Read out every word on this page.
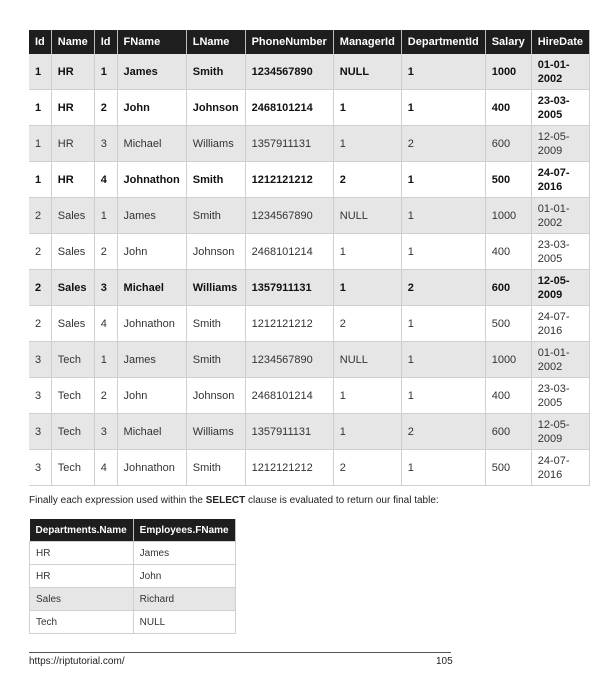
Id	Name	Id	FName	LName	PhoneNumber	ManagerId	DepartmentId	Salary	HireDate
1	HR	1	James	Smith	1234567890	NULL	1	1000	01-01-2002
1	HR	2	John	Johnson	2468101214	1	1	400	23-03-2005
1	HR	3	Michael	Williams	1357911131	1	2	600	12-05-2009
1	HR	4	Johnathon	Smith	1212121212	2	1	500	24-07-2016
2	Sales	1	James	Smith	1234567890	NULL	1	1000	01-01-2002
2	Sales	2	John	Johnson	2468101214	1	1	400	23-03-2005
2	Sales	3	Michael	Williams	1357911131	1	2	600	12-05-2009
2	Sales	4	Johnathon	Smith	1212121212	2	1	500	24-07-2016
3	Tech	1	James	Smith	1234567890	NULL	1	1000	01-01-2002
3	Tech	2	John	Johnson	2468101214	1	1	400	23-03-2005
3	Tech	3	Michael	Williams	1357911131	1	2	600	12-05-2009
3	Tech	4	Johnathon	Smith	1212121212	2	1	500	24-07-2016
Finally each expression used within the SELECT clause is evaluated to return our final table:
Departments.Name	Employees.FName
HR	James
HR	John
Sales	Richard
Tech	NULL
https://riptutorial.com/	105
